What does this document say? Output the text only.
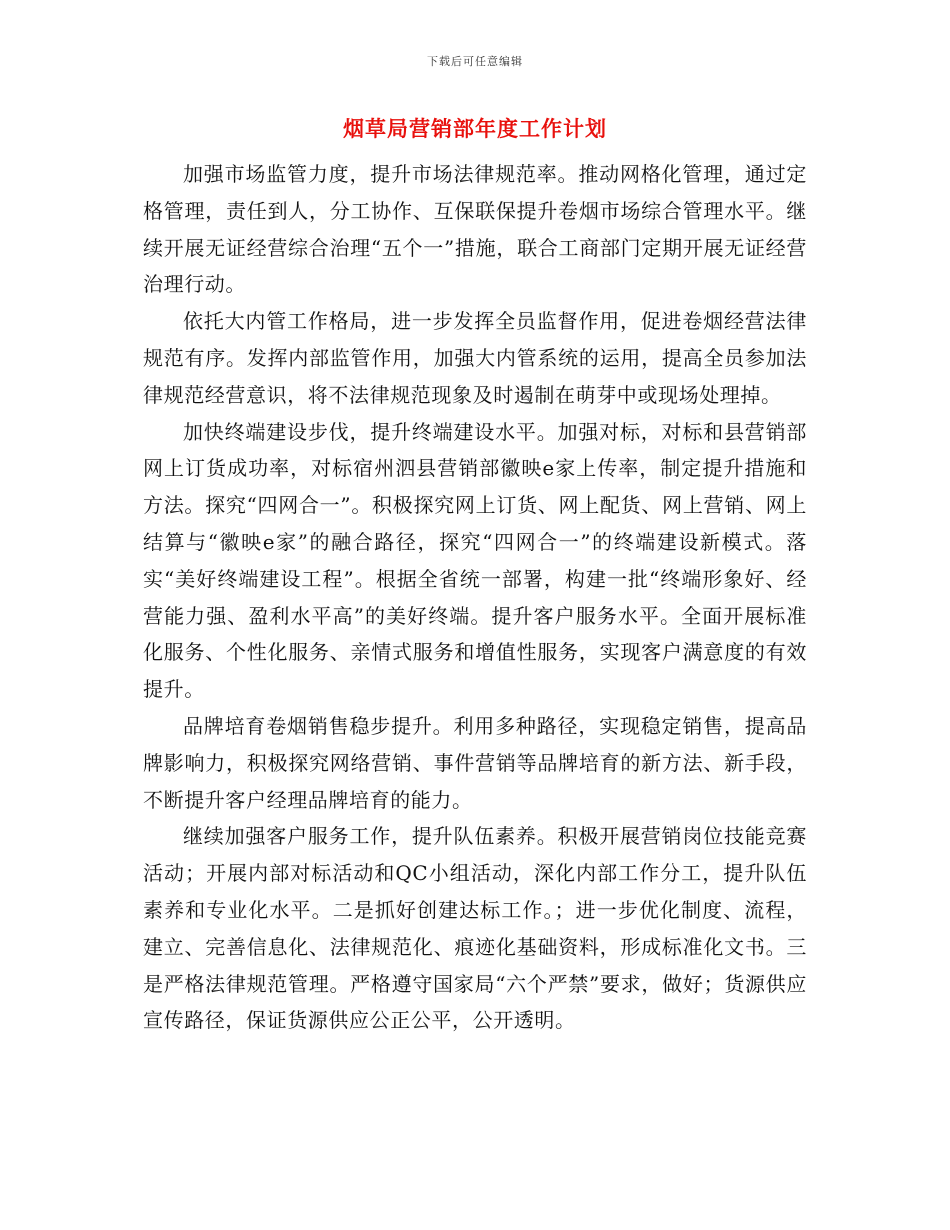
下载后可任意编辑
烟草局营销部年度工作计划

加强市场监管力度，提升市场法律规范率。推动网格化管理，通过定格管理，责任到人，分工协作、互保联保提升卷烟市场综合管理水平。继续开展无证经营综合治理“五个一”措施，联合工商部门定期开展无证经营治理行动。

依托大内管工作格局，进一步发挥全员监督作用，促进卷烟经营法律规范有序。发挥内部监管作用，加强大内管系统的运用，提高全员参加法律规范经营意识，将不法律规范现象及时遏制在萌芽中或现场处理掉。

加快终端建设步伐，提升终端建设水平。加强对标，对标和县营销部网上订货成功率，对标宿州泗县营销部徽映e家上传率，制定提升措施和方法。探究“四网合一”。积极探究网上订货、网上配货、网上营销、网上结算与“徽映e家”的融合路径，探究“四网合一”的终端建设新模式。落实“美好终端建设工程”。根据全省统一部署，构建一批“终端形象好、经营能力强、盈利水平高”的美好终端。提升客户服务水平。全面开展标准化服务、个性化服务、亲情式服务和增值性服务，实现客户满意度的有效提升。

品牌培育卷烟销售稳步提升。利用多种路径，实现稳定销售，提高品牌影响力，积极探究网络营销、事件营销等品牌培育的新方法、新手段，不断提升客户经理品牌培育的能力。

继续加强客户服务工作，提升队伍素养。积极开展营销岗位技能竞赛活动；开展内部对标活动和QC小组活动，深化内部工作分工，提升队伍素养和专业化水平。二是抓好创建达标工作。；进一步优化制度、流程，建立、完善信息化、法律规范化、痕迹化基础资料，形成标准化文书。三是严格法律规范管理。严格遵守国家局“六个严禁”要求，做好；货源供应宣传路径，保证货源供应公正公平，公开透明。
